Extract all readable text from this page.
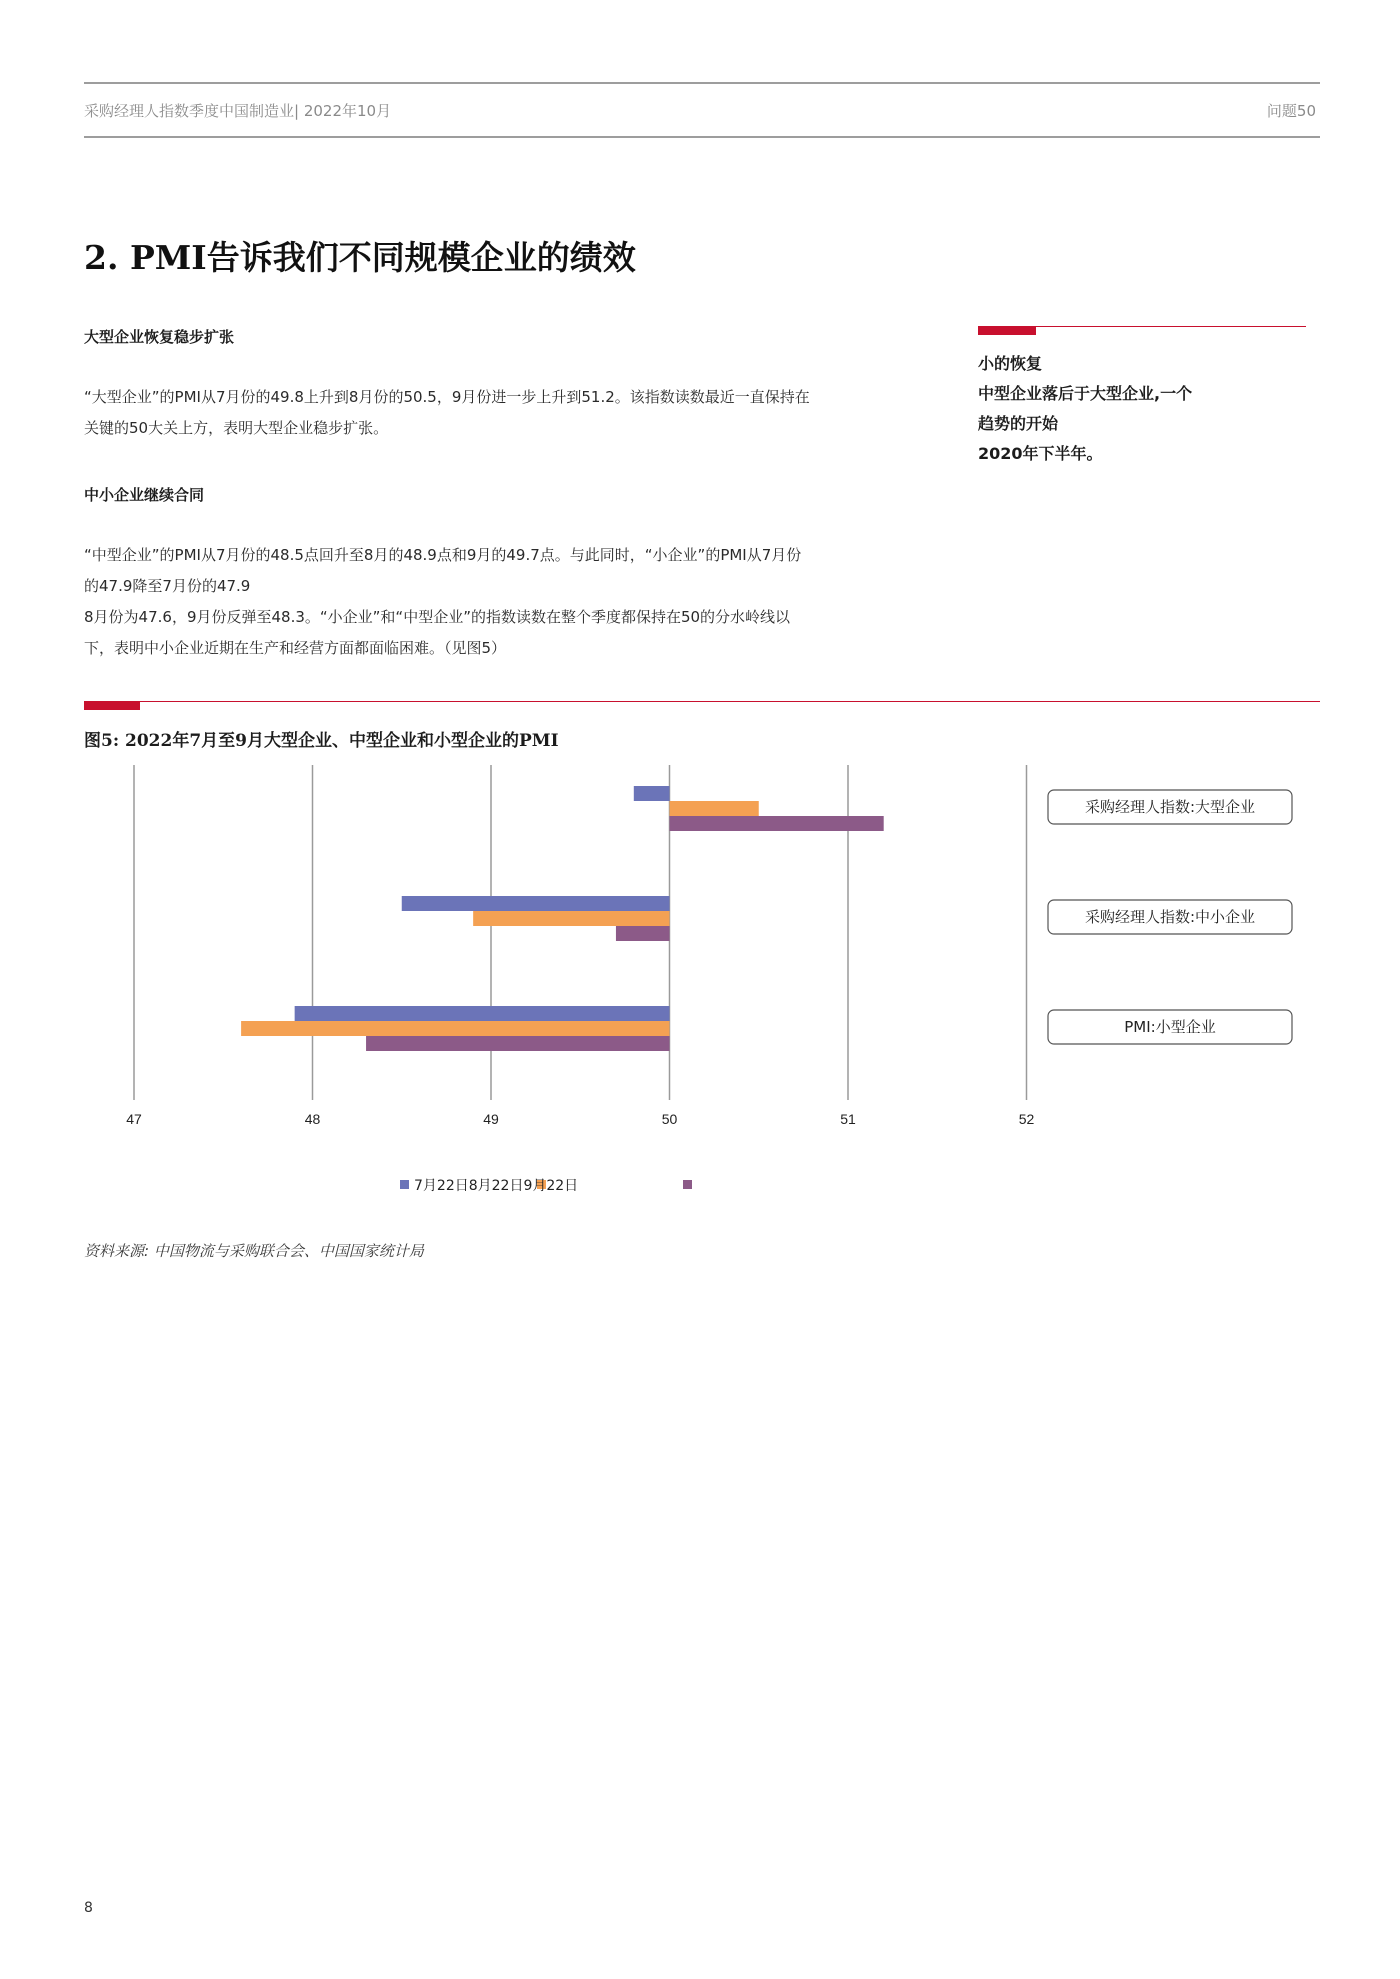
采购经理人指数季度中国制造业| 2022年10月	问题50
2. PMI告诉我们不同规模企业的绩效
大型企业恢复稳步扩张

“大型企业”的PMI从7月份的49.8上升到8月份的50.5，9月份进一步上升到51.2。该指数读数最近一直保持在

关键的50大关上方，表明大型企业稳步扩张。

中小企业继续合同

“中型企业”的PMI从7月份的48.5点回升至8月的48.9点和9月的49.7点。与此同时，“小企业”的PMI从7月份

的47.9降至7月份的47.9

8月份为47.6，9月份反弹至48.3。“小企业”和“中型企业”的指数读数在整个季度都保持在50的分水岭线以

下，表明中小企业近期在生产和经营方面都面临困难。（见图5）

小的恢复
中型企业落后于大型企业,一个
趋势的开始
2020年下半年。
图5: 2022年7月至9月大型企业、中型企业和小型企业的PMI
47	48	49	50	51	52
采购经理人指数:大型企业
采购经理人指数:中小企业
PMI:小型企业
7月22日8月22日9月22日
资料来源: 中国物流与采购联合会、中国国家统计局
8
